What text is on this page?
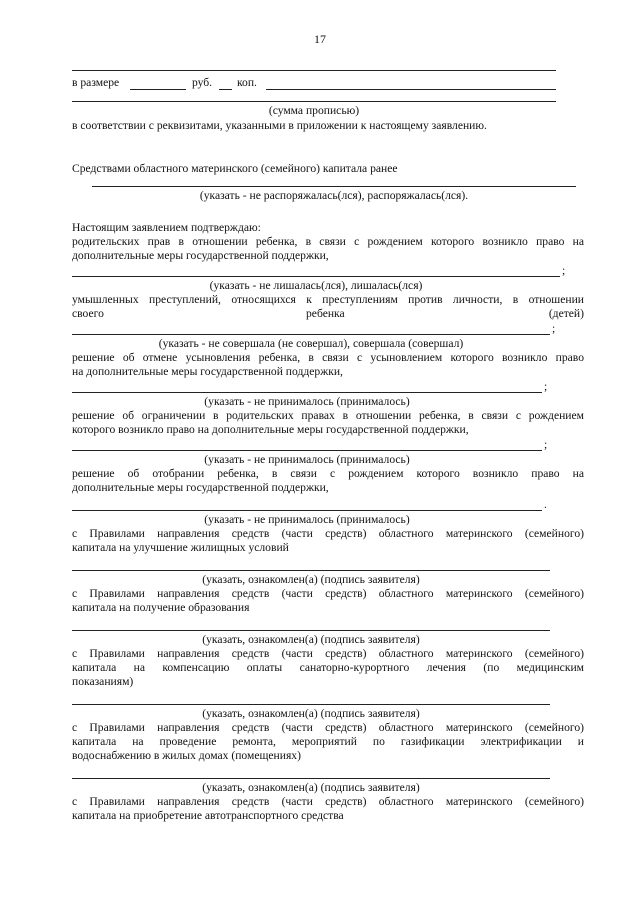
17
в размере	руб. коп.
(сумма прописью)
в соответствии с реквизитами, указанными в приложении к настоящему заявлению.
Средствами областного материнского (семейного) капитала ранее
(указать - не распоряжалась(лся), распоряжалась(лся).
Настоящим заявлением подтверждаю:
родительских прав в отношении ребенка, в связи с рождением которого возникло право на
дополнительные меры государственной поддержки,
;
(указать - не лишалась(лся), лишалась(лся)
умышленных преступлений, относящихся к преступлениям против личности, в отношении
своего	ребенка	(детей)
;
(указать - не совершала (не совершал), совершала (совершал)
решение об отмене усыновления ребенка, в связи с усыновлением которого возникло право
на дополнительные меры государственной поддержки,
;
(указать - не принималось (принималось)
решение об ограничении в родительских правах в отношении ребенка, в связи с рождением
которого возникло право на дополнительные меры государственной поддержки,
;
(указать - не принималось (принималось)
решение об отобрании ребенка, в связи с рождением которого возникло право на
дополнительные меры государственной поддержки,
.
(указать - не принималось (принималось)
с Правилами направления средств (части средств) областного материнского (семейного)
капитала на улучшение жилищных условий
(указать, ознакомлен(а) (подпись заявителя)
с Правилами направления средств (части средств) областного материнского (семейного)
капитала на получение образования
(указать, ознакомлен(а) (подпись заявителя)
с Правилами направления средств (части средств) областного материнского (семейного)
капитала на компенсацию оплаты санаторно-курортного лечения (по медицинским
показаниям)
(указать, ознакомлен(а) (подпись заявителя)
с Правилами направления средств (части средств) областного материнского (семейного)
капитала на проведение ремонта, мероприятий по газификации электрификации и
водоснабжению в жилых домах (помещениях)
(указать, ознакомлен(а) (подпись заявителя)
с Правилами направления средств (части средств) областного материнского (семейного)
капитала на приобретение автотранспортного средства
